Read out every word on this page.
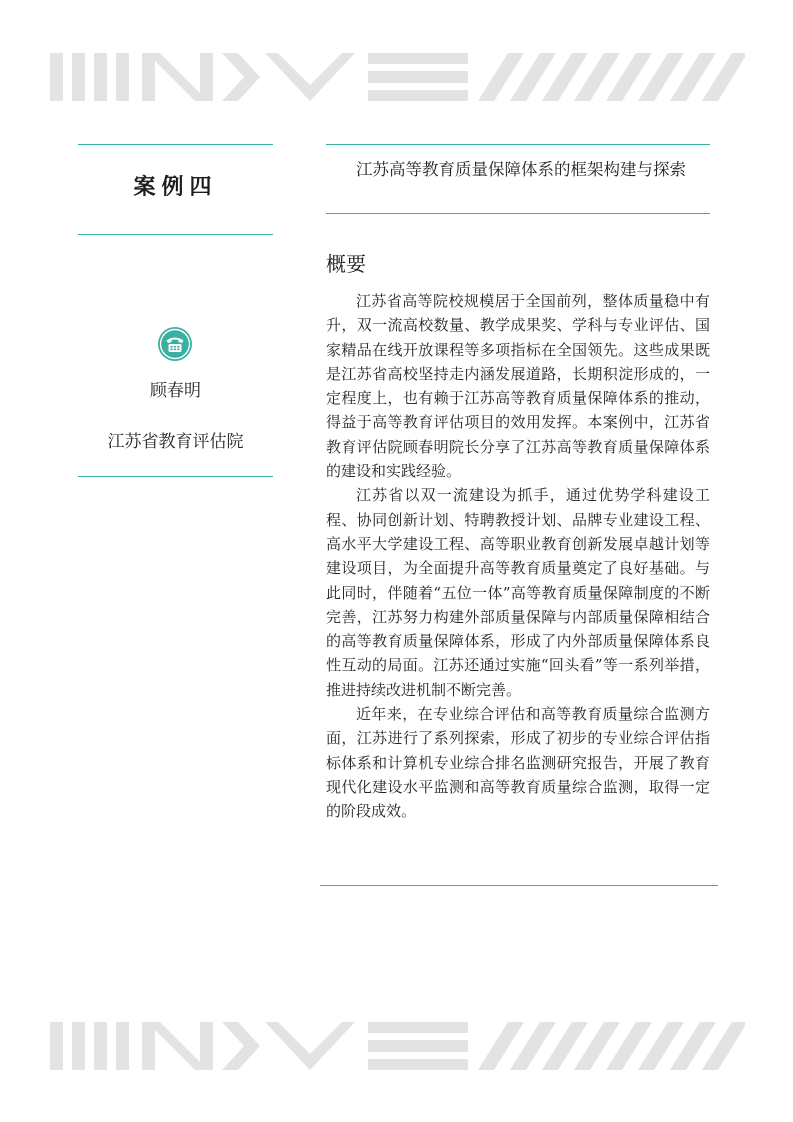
案例四
顾春明
江苏省教育评估院
江苏高等教育质量保障体系的框架构建与探索
概要

江苏省高等院校规模居于全国前列，整体质量稳中有升，双一流高校数量、教学成果奖、学科与专业评估、国家精品在线开放课程等多项指标在全国领先。这些成果既是江苏省高校坚持走内涵发展道路，长期积淀形成的，一定程度上，也有赖于江苏高等教育质量保障体系的推动，得益于高等教育评估项目的效用发挥。本案例中，江苏省教育评估院顾春明院长分享了江苏高等教育质量保障体系的建设和实践经验。

江苏省以双一流建设为抓手，通过优势学科建设工程、协同创新计划、特聘教授计划、品牌专业建设工程、高水平大学建设工程、高等职业教育创新发展卓越计划等建设项目，为全面提升高等教育质量奠定了良好基础。与此同时，伴随着“五位一体”高等教育质量保障制度的不断完善，江苏努力构建外部质量保障与内部质量保障相结合的高等教育质量保障体系，形成了内外部质量保障体系良性互动的局面。江苏还通过实施“回头看”等一系列举措，推进持续改进机制不断完善。

近年来，在专业综合评估和高等教育质量综合监测方面，江苏进行了系列探索，形成了初步的专业综合评估指标体系和计算机专业综合排名监测研究报告，开展了教育现代化建设水平监测和高等教育质量综合监测，取得一定的阶段成效。
